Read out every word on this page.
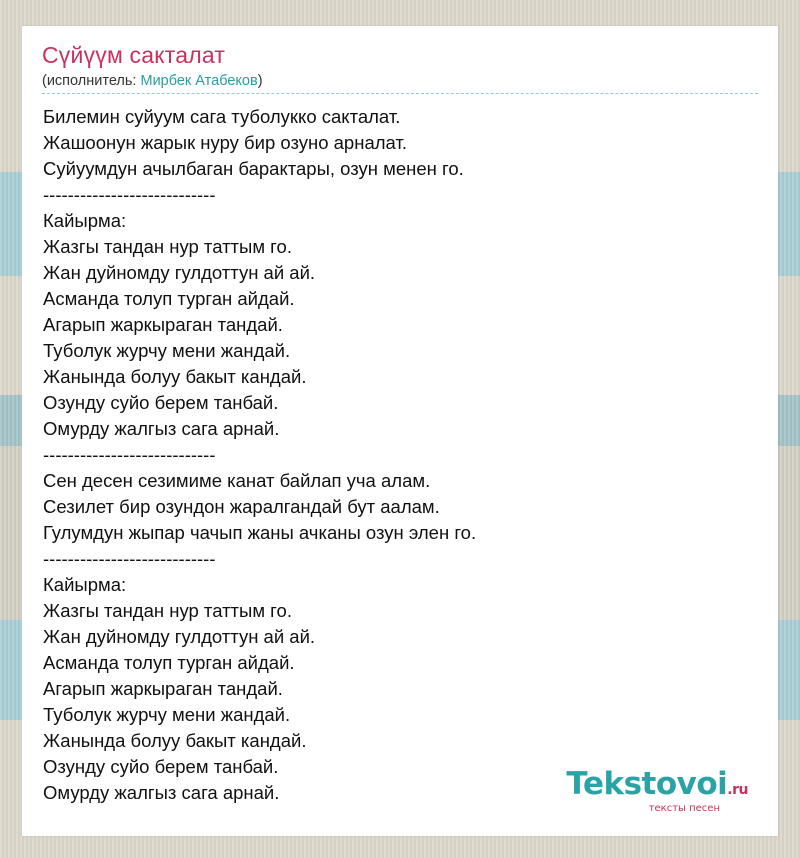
Сүйүүм сакталат
(исполнитель: Мирбек Атабеков)
Билемин суйуум сага туболукко сакталат.
Жашоонун жарык нуру бир озуно арналат.
Суйуумдун ачылбаган барактары, озун менен го.
----------------------------
Кайырма:
Жазгы тандан нур таттым го.
Жан дуйномду гулдоттун ай ай.
Асманда толуп турган айдай.
Агарып жаркыраган тандай.
Туболук журчу мени жандай.
Жанында болуу бакыт кандай.
Озунду суйо берем танбай.
Омурду жалгыз сага арнай.
----------------------------
Сен десен сезимиме канат байлап уча алам.
Сезилет бир озундон жаралгандай бут аалам.
Гулумдун жыпар чачып жаны ачканы озун элен го.
----------------------------
Кайырма:
Жазгы тандан нур таттым го.
Жан дуйномду гулдоттун ай ай.
Асманда толуп турган айдай.
Агарып жаркыраган тандай.
Туболук журчу мени жандай.
Жанында болуу бакыт кандай.
Озунду суйо берем танбай.
Омурду жалгыз сага арнай.	Tekstovoi.ru
тексты песен
